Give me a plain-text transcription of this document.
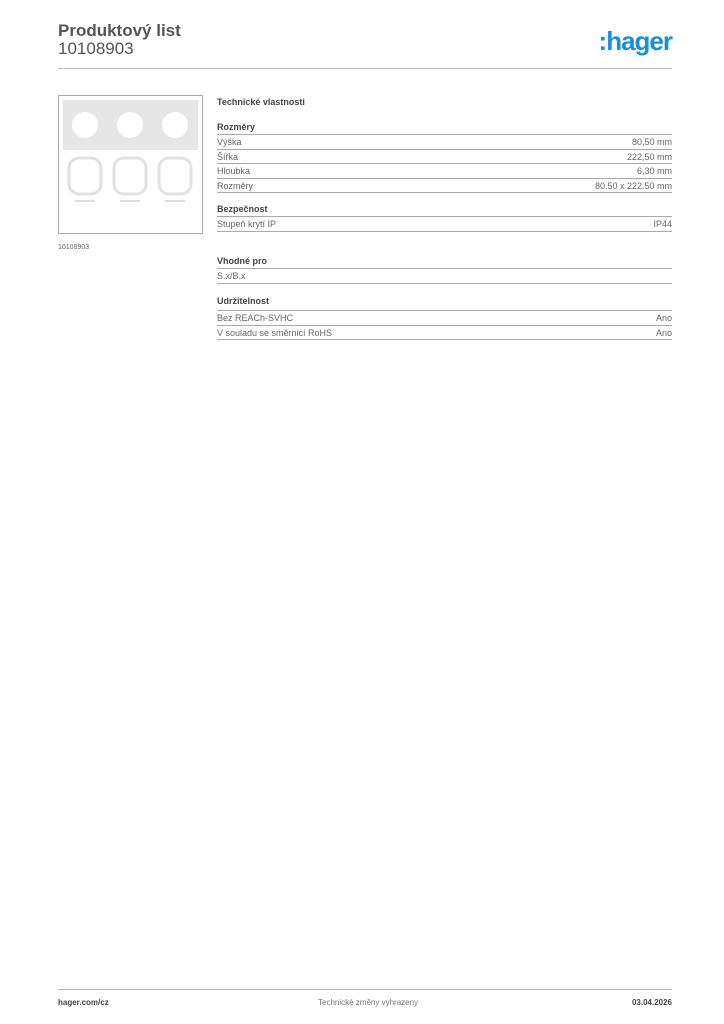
Produktový list
10108903	:hager
10108903
Technické vlastnosti
Rozměry
Výška	80,50 mm
Šířka	222,50 mm
Hloubka	6,30 mm
Rozměry	80.50 x 222.50 mm
Bezpečnost
Stupeň krytí IP	IP44
Vhodné pro
S.x/B.x
Udržitelnost
Bez REACh-SVHC	Ano
V souladu se směrnicí RoHS	Ano
hager.com/cz	Technické změny vyhrazeny	03.04.2026
